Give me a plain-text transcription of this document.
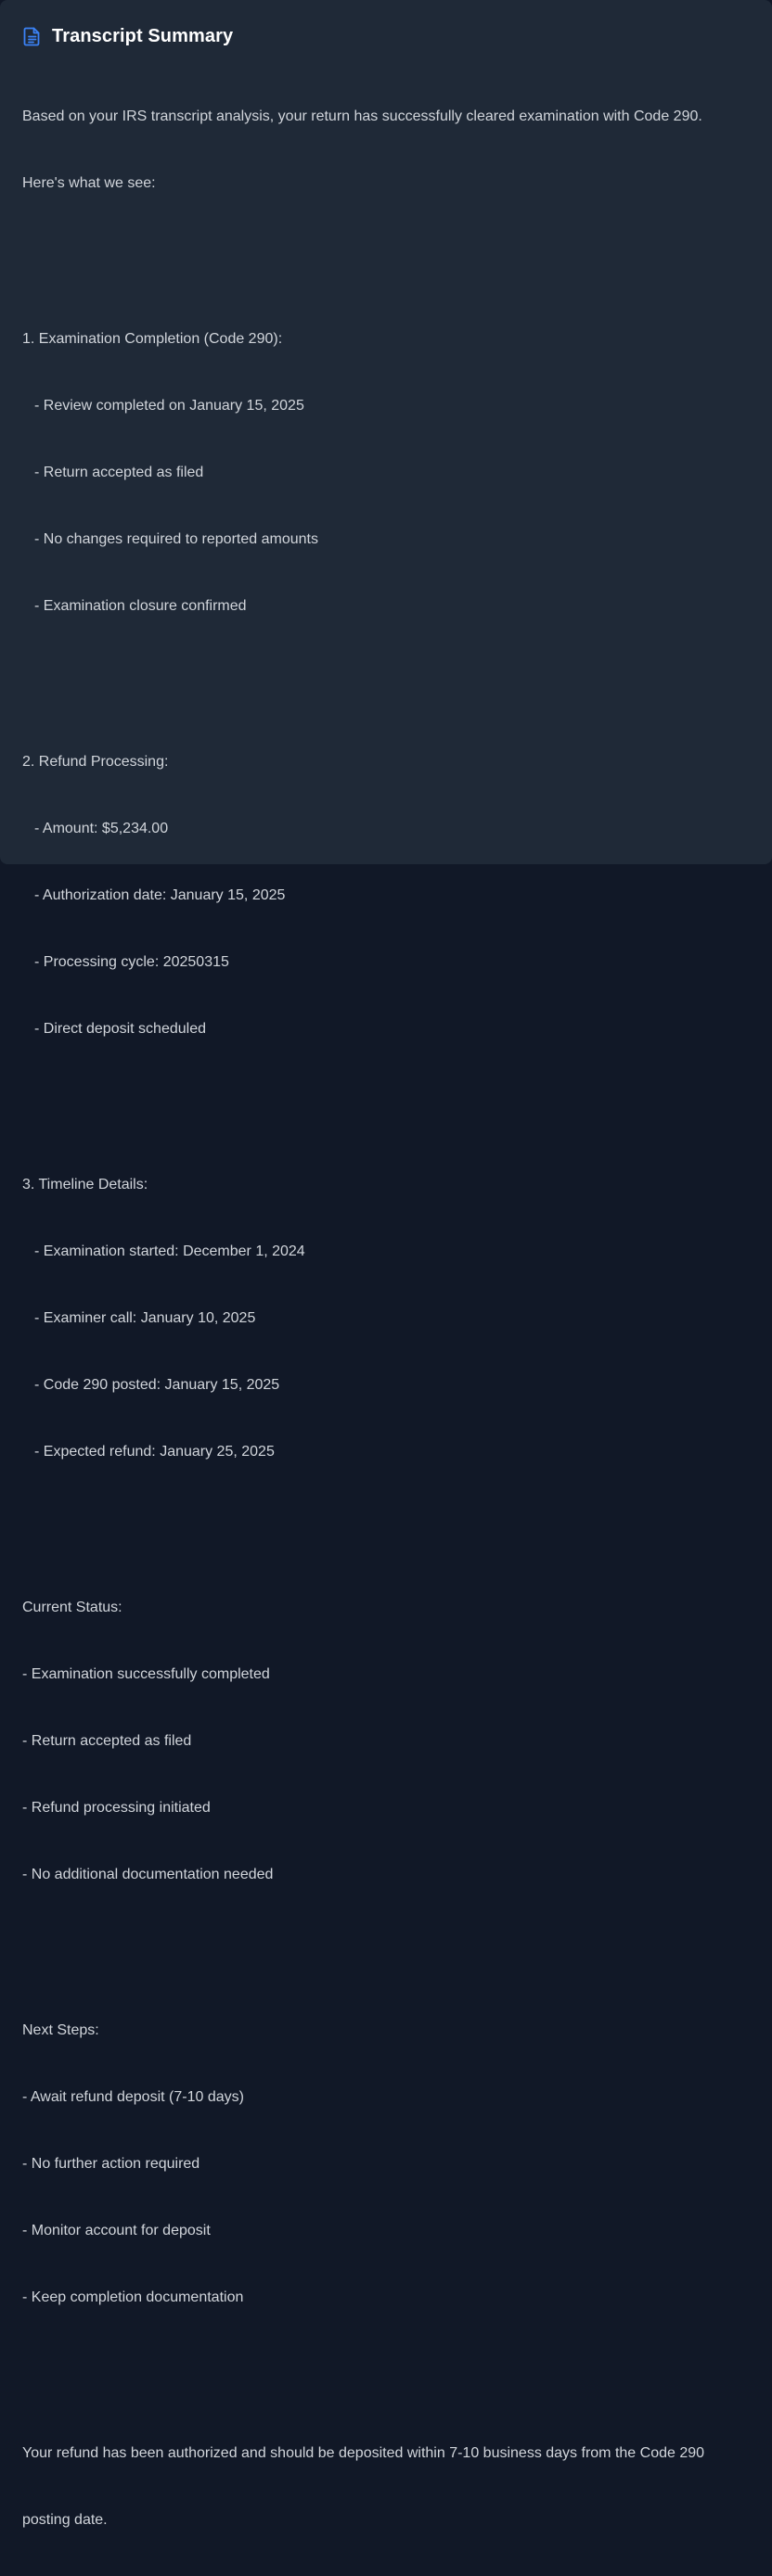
Transcript Summary

Based on your IRS transcript analysis, your return has successfully cleared examination with Code 290.

Here's what we see:

1. Examination Completion (Code 290):

- Review completed on January 15, 2025

- Return accepted as filed

- No changes required to reported amounts

- Examination closure confirmed

2. Refund Processing:

- Amount: $5,234.00

- Authorization date: January 15, 2025

- Processing cycle: 20250315

- Direct deposit scheduled

3. Timeline Details:

- Examination started: December 1, 2024

- Examiner call: January 10, 2025

- Code 290 posted: January 15, 2025

- Expected refund: January 25, 2025

Current Status:

- Examination successfully completed

- Return accepted as filed

- Refund processing initiated

- No additional documentation needed

Next Steps:

- Await refund deposit (7-10 days)

- No further action required

- Monitor account for deposit

- Keep completion documentation

Your refund has been authorized and should be deposited within 7-10 business days from the Code 290

posting date.
